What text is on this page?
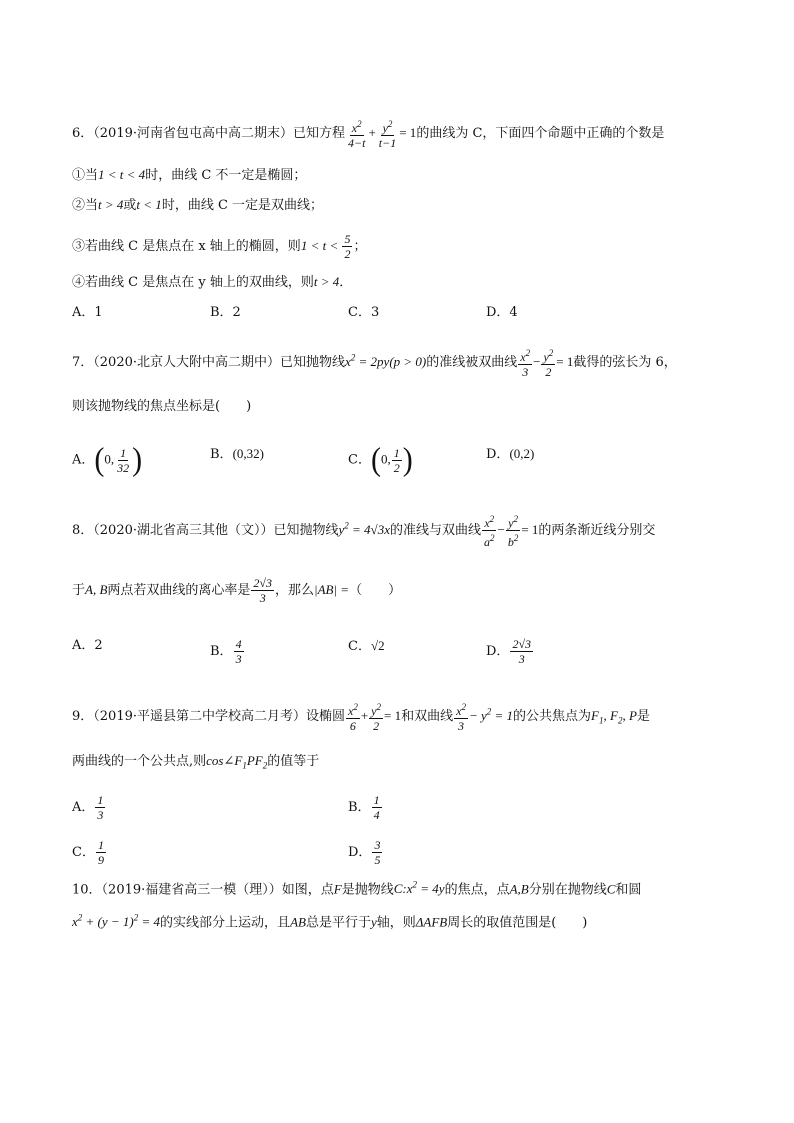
6．（2019·河南省包屯高中高二期末）已知方程 $\frac{x^2}{4-t} + \frac{y^2}{t-1} = 1$的曲线为 C，下面四个命题中正确的个数是
①当1 < t < 4时，曲线 C 不一定是椭圆；
②当t > 4或t < 1时，曲线 C 一定是双曲线；
③若曲线 C 是焦点在 x 轴上的椭圆，则$1 < t < \frac{5}{2}$ ；
④若曲线 C 是焦点在 y 轴上的双曲线，则t > 4．
A．1	B．2	C．3	D．4
7．（2020·北京人大附中高二期中）已知抛物线$x^2 = 2py(p > 0)$的准线被双曲线 $\frac{x^2}{3} - \frac{y^2}{2} = 1$截得的弦长为 6，
则该抛物线的焦点坐标是(　　)
A．(0, $\frac{1}{32}$ )	B．(0,32)	C．(0, $\frac{1}{2}$ )	D．(0,2)
8．（2020·湖北省高三其他（文））已知抛物线$y^2 = 4√3x$的准线与双曲线 $\frac{x^2}{a^2} - \frac{y^2}{b^2} = 1$的两条渐近线分别交
于A, B两点若双曲线的离心率是 $\frac{2√3}{3}$ ，那么|AB| =（　　）
A．2	B． $\frac{4}{3}$	C．√2	D． $\frac{2√3}{3}$
9．（2019·平遥县第二中学校高二月考）设椭圆 $\frac{x^2}{6} + \frac{y^2}{2} = 1$和双曲线 $\frac{x^2}{3} - y^2 = 1$的公共焦点为$F_1$, $F_2$, P是
两曲线的一个公共点,则$\cos\angle F_1PF_2$的值等于
A． $\frac{1}{3}$	B． $\frac{1}{4}$
C． $\frac{1}{9}$	D． $\frac{3}{5}$
10．（2019·福建省高三一模（理））如图，点F是抛物线$C:x^2 = 4y$的焦点，点A,B分别在抛物线C和圆
$x^2 + (y - 1)^2 = 4$的实线部分上运动，且AB总是平行于y轴，则ΔAFB周长的取值范围是(　　)
